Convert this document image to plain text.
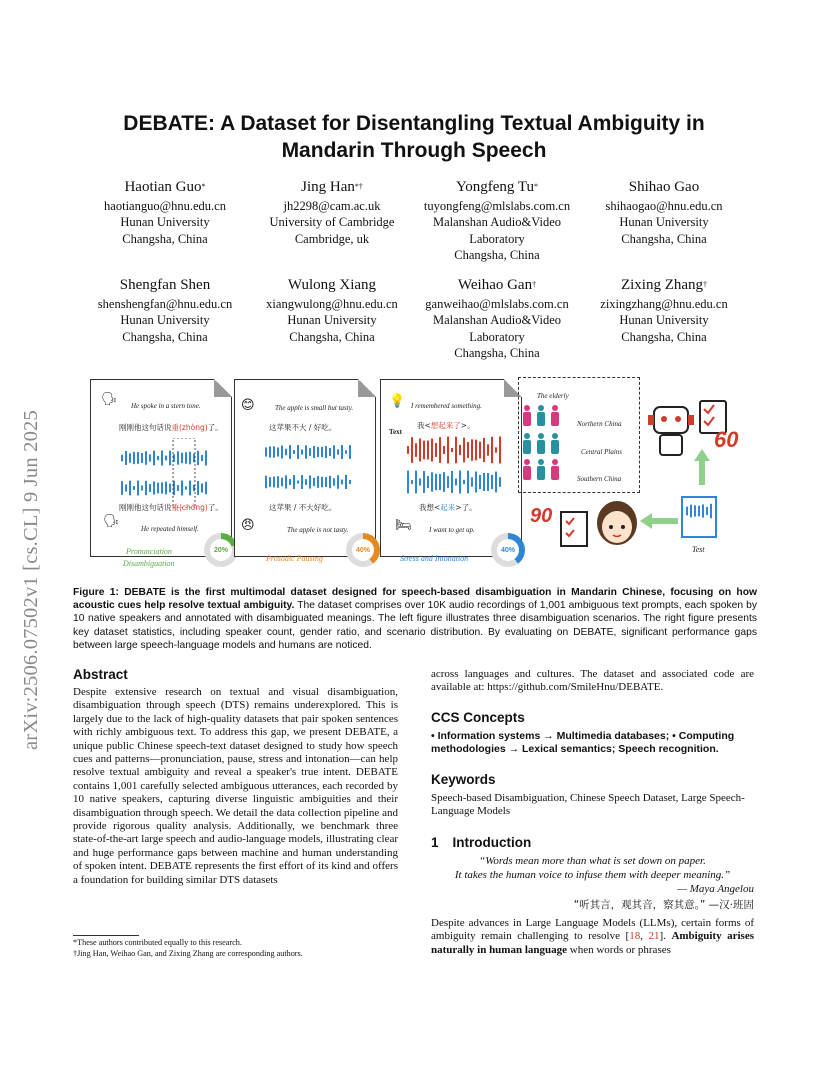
arXiv:2506.07502v1 [cs.CL] 9 Jun 2025
DEBATE: A Dataset for Disentangling Textual Ambiguity in
Mandarin Through Speech
Haotian Guo*
haotianguo@hnu.edu.cn
Hunan University
Changsha, China
Jing Han*†
jh2298@cam.ac.uk
University of Cambridge
Cambridge, uk
Yongfeng Tu*
tuyongfeng@mlslabs.com.cn
Malanshan Audio&Video
Laboratory
Changsha, China
Shihao Gao
shihaogao@hnu.edu.cn
Hunan University
Changsha, China
Shengfan Shen
shenshengfan@hnu.edu.cn
Hunan University
Changsha, China
Wulong Xiang
xiangwulong@hnu.edu.cn
Hunan University
Changsha, China
Weihao Gan†
ganweihao@mlslabs.com.cn
Malanshan Audio&Video
Laboratory
Changsha, China
Zixing Zhang†
zixingzhang@hnu.edu.cn
Hunan University
Changsha, China
🗣 He spoke in a stern tone.
刚刚他这句话说重(zhòng)了。
刚刚他这句话说重(chóng)了。
🗣	He repeated himself.
Pronunciation
Disambiguation
20%
😊	The apple is small but tasty.
这苹果不大 / 好吃。
这苹果 / 不大好吃。
😠	The apple is not tasty.
Prosodic Pausing
40%
💡 I remembered something.
Text
我<想起来了>。
我想<起来>了。
🛏 I want to get up.
Stress and Intonation
40%
The elderly
Northern China
Central Plains
Southern China
60
Test
90
Figure 1: DEBATE is the first multimodal dataset designed for speech-based disambiguation in Mandarin Chinese, focusing on how acoustic cues help resolve textual ambiguity. The dataset comprises over 10K audio recordings of 1,001 ambiguous text prompts, each spoken by 10 native speakers and annotated with disambiguated meanings. The left figure illustrates three disambiguation scenarios. The right figure presents key dataset statistics, including speaker count, gender ratio, and scenario distribution. By evaluating on DEBATE, significant performance gaps between large speech-language models and humans are noticed.
Abstract
Despite extensive research on textual and visual disambiguation, disambiguation through speech (DTS) remains underexplored. This is largely due to the lack of high-quality datasets that pair spoken sentences with richly ambiguous text. To address this gap, we present DEBATE, a unique public Chinese speech-text dataset designed to study how speech cues and patterns—pronunciation, pause, stress and intonation—can help resolve textual ambiguity and reveal a speaker's true intent. DEBATE contains 1,001 carefully selected ambiguous utterances, each recorded by 10 native speakers, capturing diverse linguistic ambiguities and their disambiguation through speech. We detail the data collection pipeline and provide rigorous quality analysis. Additionally, we benchmark three state-of-the-art large speech and audio-language models, illustrating clear and huge performance gaps between machine and human understanding of spoken intent. DEBATE represents the first effort of its kind and offers a foundation for building similar DTS datasets
*These authors contributed equally to this research.
†Jing Han, Weihao Gan, and Zixing Zhang are corresponding authors.
across languages and cultures. The dataset and associated code are available at: https://github.com/SmileHnu/DEBATE.
CCS Concepts
• Information systems → Multimedia databases; • Computing
methodologies → Lexical semantics; Speech recognition.
Keywords
Speech-based Disambiguation, Chinese Speech Dataset, Large Speech-Language Models
1 Introduction
“Words mean more than what is set down on paper.
It takes the human voice to infuse them with deeper meaning.”
— Maya Angelou
“听其言，观其音，察其意。” —汉·班固
Despite advances in Large Language Models (LLMs), certain forms of ambiguity remain challenging to resolve [18, 21]. Ambiguity arises naturally in human language when words or phrases
